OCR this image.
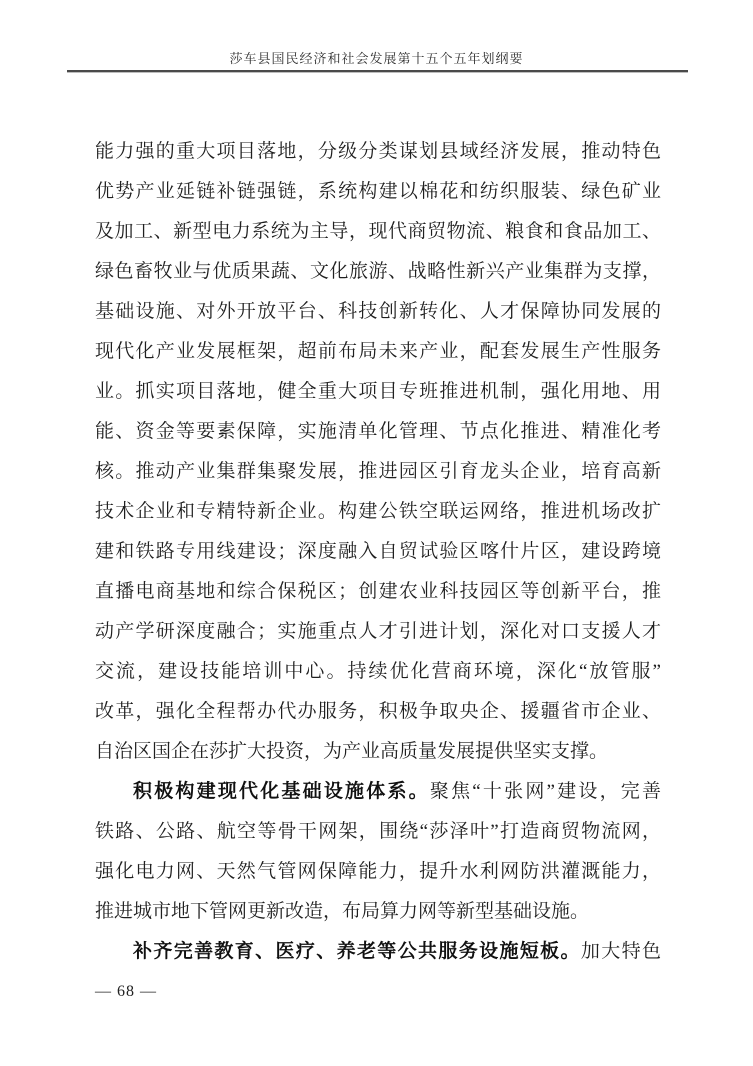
莎车县国民经济和社会发展第十五个五年划纲要
能力强的重大项目落地，分级分类谋划县域经济发展，推动特色
优势产业延链补链强链，系统构建以棉花和纺织服装、绿色矿业
及加工、新型电力系统为主导，现代商贸物流、粮食和食品加工、
绿色畜牧业与优质果蔬、文化旅游、战略性新兴产业集群为支撑，
基础设施、对外开放平台、科技创新转化、人才保障协同发展的
现代化产业发展框架，超前布局未来产业，配套发展生产性服务
业。抓实项目落地，健全重大项目专班推进机制，强化用地、用
能、资金等要素保障，实施清单化管理、节点化推进、精准化考
核。推动产业集群集聚发展，推进园区引育龙头企业，培育高新
技术企业和专精特新企业。构建公铁空联运网络，推进机场改扩
建和铁路专用线建设；深度融入自贸试验区喀什片区，建设跨境
直播电商基地和综合保税区；创建农业科技园区等创新平台，推
动产学研深度融合；实施重点人才引进计划，深化对口支援人才
交流，建设技能培训中心。持续优化营商环境，深化“放管服”
改革，强化全程帮办代办服务，积极争取央企、援疆省市企业、
自治区国企在莎扩大投资，为产业高质量发展提供坚实支撑。
积极构建现代化基础设施体系。聚焦“十张网”建设，完善
铁路、公路、航空等骨干网架，围绕“莎泽叶”打造商贸物流网，
强化电力网、天然气管网保障能力，提升水利网防洪灌溉能力，
推进城市地下管网更新改造，布局算力网等新型基础设施。
补齐完善教育、医疗、养老等公共服务设施短板。加大特色
— 68 —
